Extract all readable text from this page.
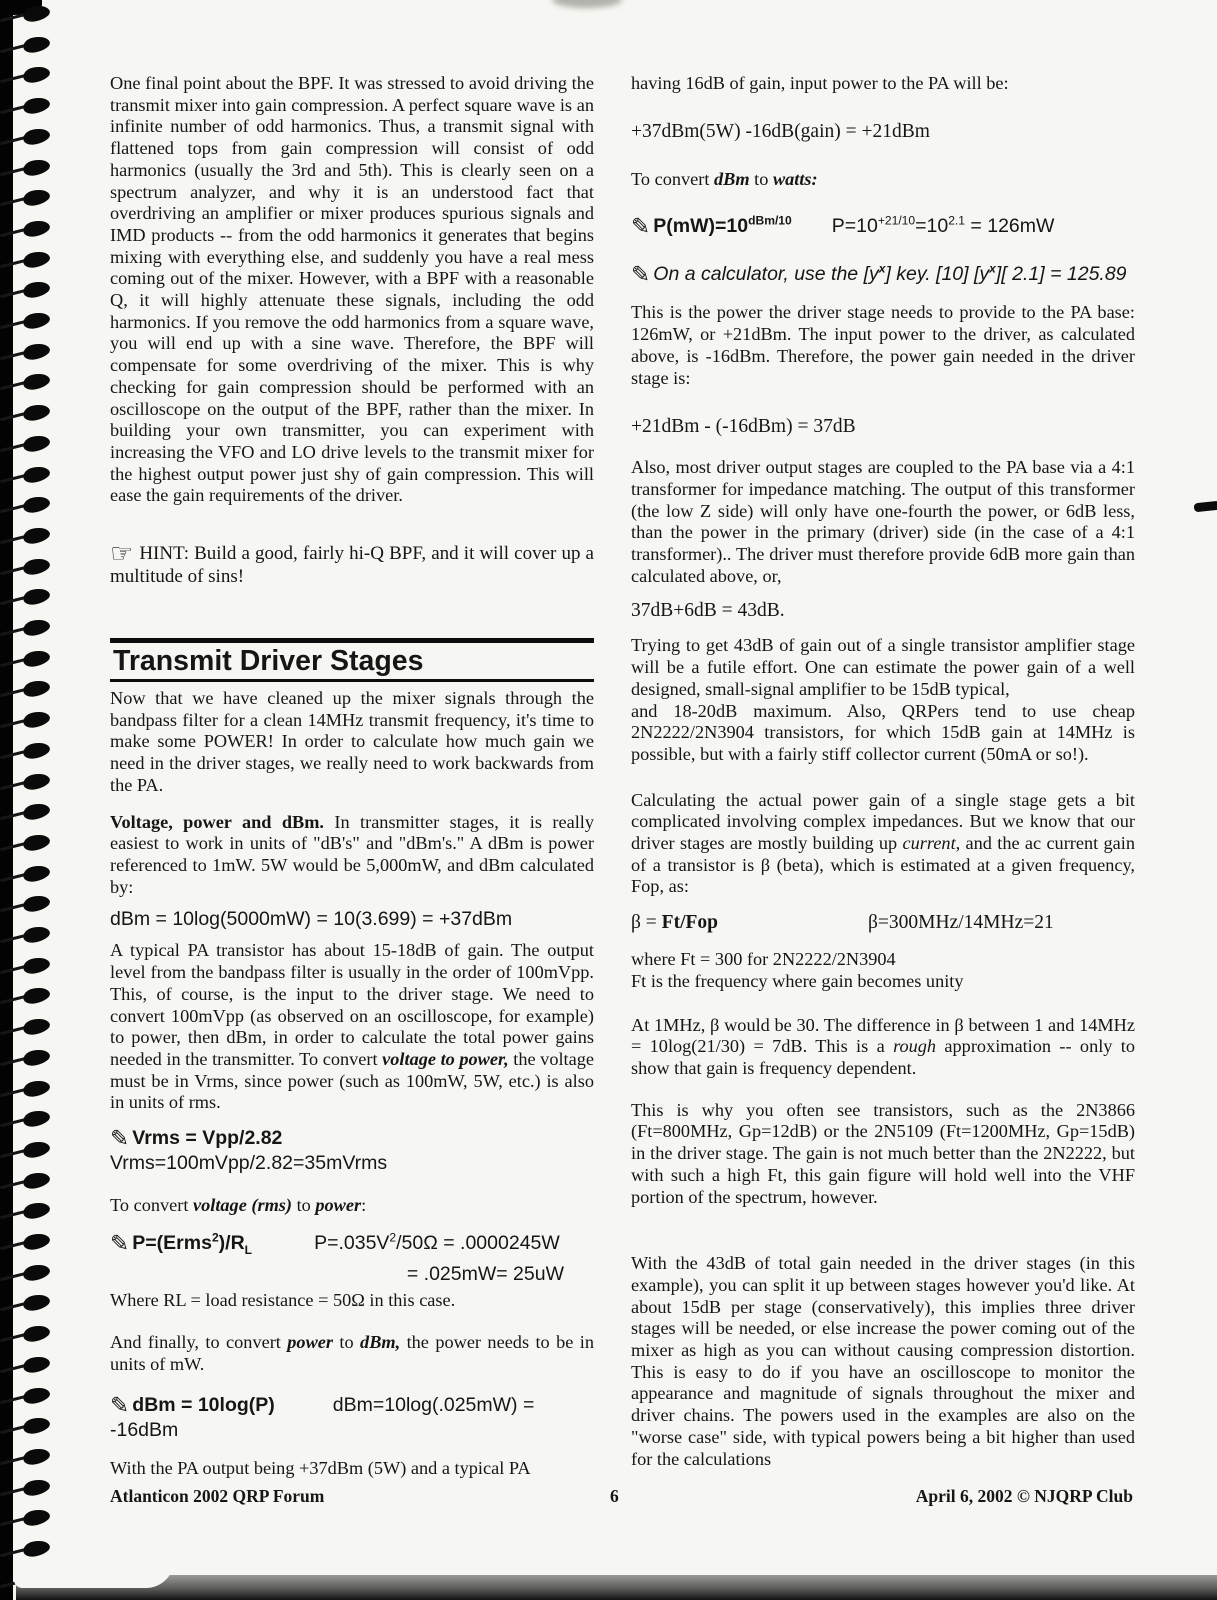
One final point about the BPF. It was stressed to avoid driving the transmit mixer into gain compression. A perfect square wave is an infinite number of odd harmonics. Thus, a transmit signal with flattened tops from gain compression will consist of odd harmonics (usually the 3rd and 5th). This is clearly seen on a spectrum analyzer, and why it is an understood fact that overdriving an amplifier or mixer produces spurious signals and IMD products -- from the odd harmonics it generates that begins mixing with everything else, and suddenly you have a real mess coming out of the mixer. However, with a BPF with a reasonable Q, it will highly attenuate these signals, including the odd harmonics. If you remove the odd harmonics from a square wave, you will end up with a sine wave. Therefore, the BPF will compensate for some overdriving of the mixer. This is why checking for gain compression should be performed with an oscilloscope on the output of the BPF, rather than the mixer. In building your own transmitter, you can experiment with increasing the VFO and LO drive levels to the transmit mixer for the highest output power just shy of gain compression. This will ease the gain requirements of the driver.

☞ HINT: Build a good, fairly hi-Q BPF, and it will cover up a multitude of sins!

Transmit Driver Stages

Now that we have cleaned up the mixer signals through the bandpass filter for a clean 14MHz transmit frequency, it's time to make some POWER! In order to calculate how much gain we need in the driver stages, we really need to work backwards from the PA.

Voltage, power and dBm. In transmitter stages, it is really easiest to work in units of "dB's" and "dBm's." A dBm is power referenced to 1mW. 5W would be 5,000mW, and dBm calculated by:

dBm = 10log(5000mW) = 10(3.699) = +37dBm

A typical PA transistor has about 15-18dB of gain. The output level from the bandpass filter is usually in the order of 100mVpp. This, of course, is the input to the driver stage. We need to convert 100mVpp (as observed on an oscilloscope, for example) to power, then dBm, in order to calculate the total power gains needed in the transmitter. To convert voltage to power, the voltage must be in Vrms, since power (such as 100mW, 5W, etc.) is also in units of rms.

✎ Vrms = Vpp/2.82Vrms=100mVpp/2.82=35mVrms

To convert voltage (rms) to power:

✎ $P=(Erms^2)/R_L$	$P=.035V^2/50\Omega = .0000245W$
= .025mW= 25uW

Where RL = load resistance = 50Ω in this case.

And finally, to convert power to dBm, the power needs to be in units of mW.

✎ dBm = 10log(P)	dBm=10log(.025mW) = -16dBm

With the PA output being +37dBm (5W) and a typical PA

having 16dB of gain, input power to the PA will be:

+37dBm(5W) -16dB(gain) = +21dBm

To convert dBm to watts:

✎ $P(mW)=10^{dBm/10}$ $P=10^{+21/10}=10^{2.1} = 126mW$

✎ On a calculator, use the $[y^x]$ key. [10] $[y^x]$[ 2.1] = 125.89

This is the power the driver stage needs to provide to the PA base: 126mW, or +21dBm. The input power to the driver, as calculated above, is -16dBm. Therefore, the power gain needed in the driver stage is:

+21dBm - (-16dBm) = 37dB

Also, most driver output stages are coupled to the PA base via a 4:1 transformer for impedance matching. The output of this transformer (the low Z side) will only have one-fourth the power, or 6dB less, than the power in the primary (driver) side (in the case of a 4:1 transformer).. The driver must therefore provide 6dB more gain than calculated above, or,

37dB+6dB = 43dB.

Trying to get 43dB of gain out of a single transistor amplifier stage will be a futile effort. One can estimate the power gain of a well designed, small-signal amplifier to be 15dB typical,
and 18-20dB maximum. Also, QRPers tend to use cheap 2N2222/2N3904 transistors, for which 15dB gain at 14MHz is possible, but with a fairly stiff collector current (50mA or so!).

Calculating the actual power gain of a single stage gets a bit complicated involving complex impedances. But we know that our driver stages are mostly building up current, and the ac current gain of a transistor is β (beta), which is estimated at a given frequency, Fop, as:

β = Ft/Fop	β=300MHz/14MHz=21

where Ft = 300 for 2N2222/2N3904
Ft is the frequency where gain becomes unity

At 1MHz, β would be 30. The difference in β between 1 and 14MHz = 10log(21/30) = 7dB. This is a rough approximation -- only to show that gain is frequency dependent.

This is why you often see transistors, such as the 2N3866 (Ft=800MHz, Gp=12dB) or the 2N5109 (Ft=1200MHz, Gp=15dB) in the driver stage. The gain is not much better than the 2N2222, but with such a high Ft, this gain figure will hold well into the VHF portion of the spectrum, however.

With the 43dB of total gain needed in the driver stages (in this example), you can split it up between stages however you'd like. At about 15dB per stage (conservatively), this implies three driver stages will be needed, or else increase the power coming out of the mixer as high as you can without causing compression distortion. This is easy to do if you have an oscilloscope to monitor the appearance and magnitude of signals throughout the mixer and driver chains. The powers used in the examples are also on the "worse case" side, with typical powers being a bit higher than used for the calculations

Atlanticon 2002 QRP Forum	6	April 6, 2002 © NJQRP Club
